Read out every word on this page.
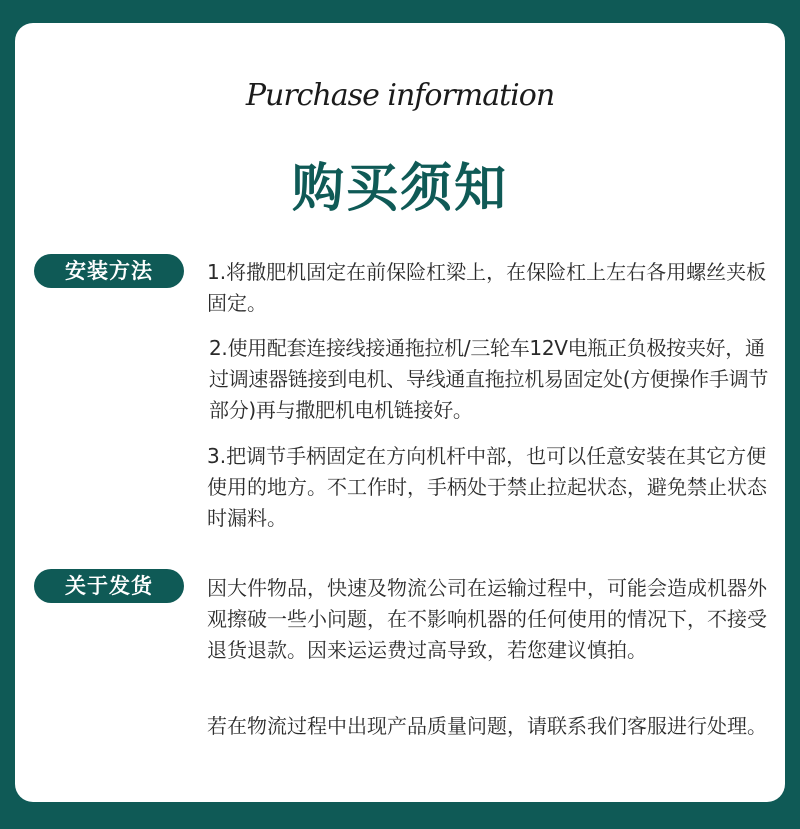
Purchase information
购买须知
安装方法	1.将撒肥机固定在前保险杠梁上，在保险杠上左右各用螺丝夹板固定。

2.使用配套连接线接通拖拉机/三轮车12V电瓶正负极按夹好，通过调速器链接到电机、导线通直拖拉机易固定处(方便操作手调节部分)再与撒肥机电机链接好。

3.把调节手柄固定在方向机杆中部，也可以任意安装在其它方便使用的地方。不工作时，手柄处于禁止拉起状态，避免禁止状态时漏料。

关于发货	因大件物品，快速及物流公司在运输过程中，可能会造成机器外观擦破一些小问题，在不影响机器的任何使用的情况下，不接受退货退款。因来运运费过高导致，若您建议慎拍。

若在物流过程中出现产品质量问题，请联系我们客服进行处理。
